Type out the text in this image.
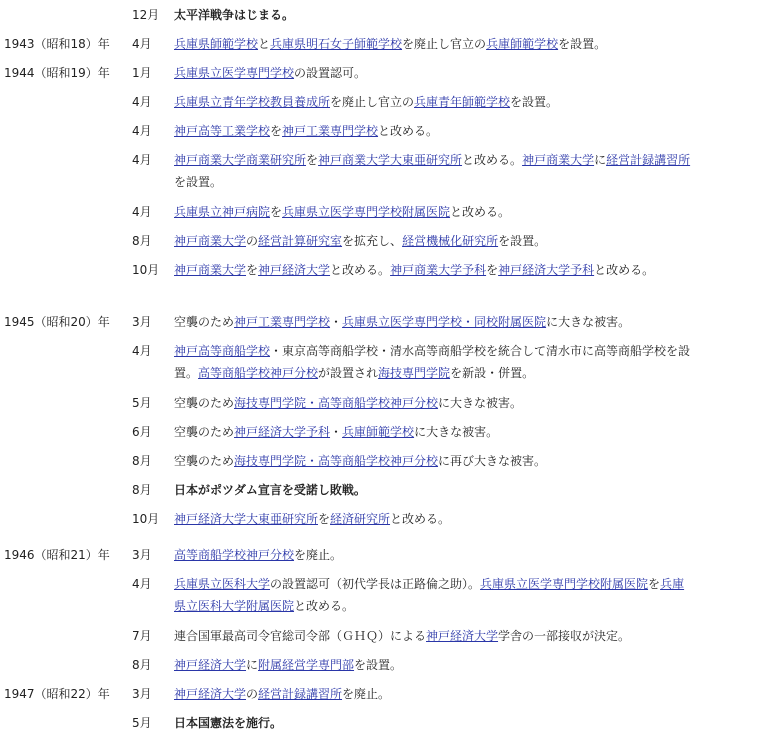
12月 太平洋戦争はじまる。
1943（昭和18）年 4月 兵庫県師範学校と兵庫県明石女子師範学校を廃止し官立の兵庫師範学校を設置。
1944（昭和19）年 1月 兵庫県立医学専門学校の設置認可。
4月 兵庫県立青年学校教員養成所を廃止し官立の兵庫青年師範学校を設置。
4月 神戸高等工業学校を神戸工業専門学校と改める。
4月 神戸商業大学商業研究所を神戸商業大学大東亜研究所と改める。神戸商業大学に経営計録講習所を設置。
4月 兵庫県立神戸病院を兵庫県立医学専門学校附属医院と改める。
8月 神戸商業大学の経営計算研究室を拡充し、経営機械化研究所を設置。
10月 神戸商業大学を神戸経済大学と改める。神戸商業大学予科を神戸経済大学予科と改める。
1945（昭和20）年 3月 空襲のため神戸工業専門学校・兵庫県立医学専門学校・同校附属医院に大きな被害。
4月 神戸高等商船学校・東京高等商船学校・清水高等商船学校を統合して清水市に高等商船学校を設置。高等商船学校神戸分校が設置され海技専門学院を新設・併置。
5月 空襲のため海技専門学院・高等商船学校神戸分校に大きな被害。
6月 空襲のため神戸経済大学予科・兵庫師範学校に大きな被害。
8月 空襲のため海技専門学院・高等商船学校神戸分校に再び大きな被害。
8月 日本がポツダム宣言を受諾し敗戦。
10月 神戸経済大学大東亜研究所を経済研究所と改める。
1946（昭和21）年 3月 高等商船学校神戸分校を廃止。
4月 兵庫県立医科大学の設置認可（初代学長は正路倫之助）。兵庫県立医学専門学校附属医院を兵庫県立医科大学附属医院と改める。
7月 連合国軍最高司令官総司令部（ＧＨＱ）による神戸経済大学学舎の一部接収が決定。
8月 神戸経済大学に附属経営学専門部を設置。
1947（昭和22）年 3月 神戸経済大学の経営計録講習所を廃止。
5月 日本国憲法を施行。
